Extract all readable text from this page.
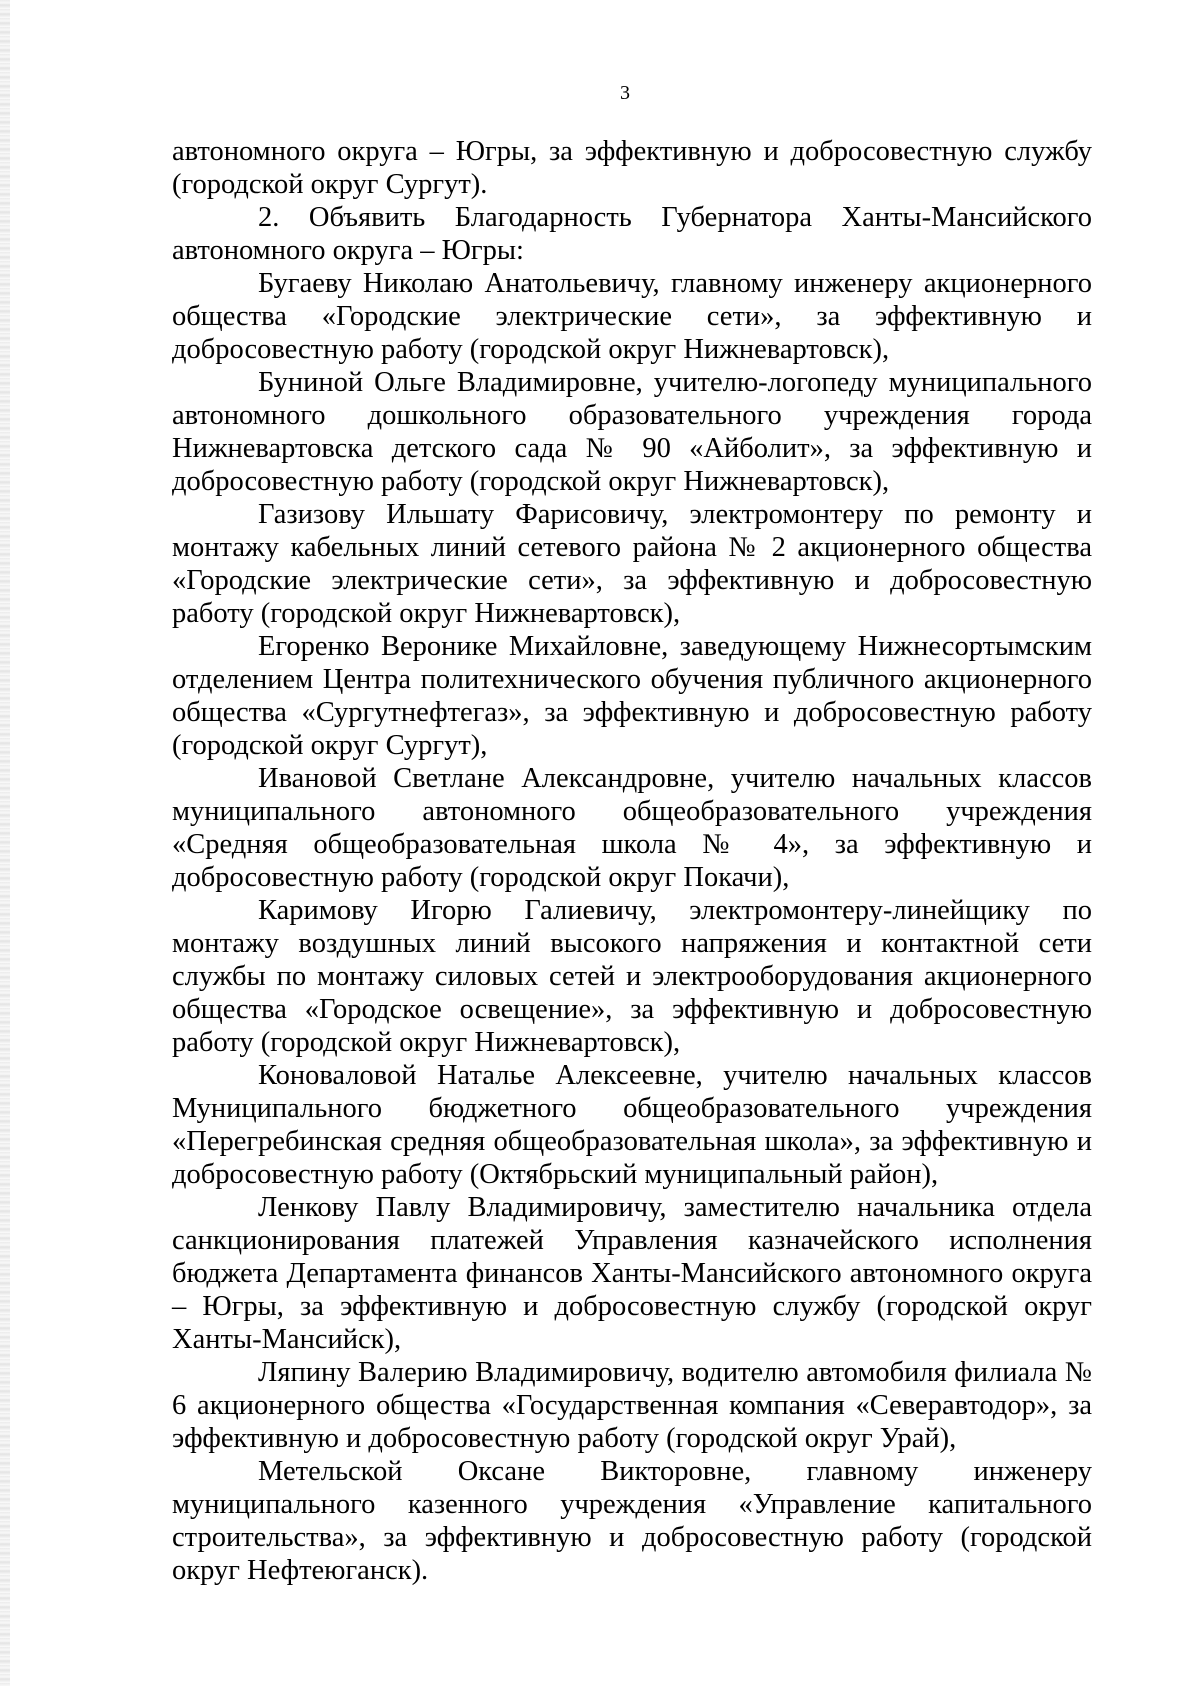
3

автономного округа – Югры, за эффективную и добросовестную службу (городской округ Сургут).

2. Объявить Благодарность Губернатора Ханты-Мансийского автономного округа – Югры:

Бугаеву Николаю Анатольевичу, главному инженеру акционерного общества «Городские электрические сети», за эффективную и добросовестную работу (городской округ Нижневартовск),

Буниной Ольге Владимировне, учителю-логопеду муниципального автономного дошкольного образовательного учреждения города Нижневартовска детского сада № 90 «Айболит», за эффективную и добросовестную работу (городской округ Нижневартовск),

Газизову Ильшату Фарисовичу, электромонтеру по ремонту и монтажу кабельных линий сетевого района № 2 акционерного общества «Городские электрические сети», за эффективную и добросовестную работу (городской округ Нижневартовск),

Егоренко Веронике Михайловне, заведующему Нижнесортымским отделением Центра политехнического обучения публичного акционерного общества «Сургутнефтегаз», за эффективную и добросовестную работу (городской округ Сургут),

Ивановой Светлане Александровне, учителю начальных классов муниципального автономного общеобразовательного учреждения «Средняя общеобразовательная школа № 4», за эффективную и добросовестную работу (городской округ Покачи),

Каримову Игорю Галиевичу, электромонтеру-линейщику по монтажу воздушных линий высокого напряжения и контактной сети службы по монтажу силовых сетей и электрооборудования акционерного общества «Городское освещение», за эффективную и добросовестную работу (городской округ Нижневартовск),

Коноваловой Наталье Алексеевне, учителю начальных классов Муниципального бюджетного общеобразовательного учреждения «Перегребинская средняя общеобразовательная школа», за эффективную и добросовестную работу (Октябрьский муниципальный район),

Ленкову Павлу Владимировичу, заместителю начальника отдела санкционирования платежей Управления казначейского исполнения бюджета Департамента финансов Ханты-Мансийского автономного округа – Югры, за эффективную и добросовестную службу (городской округ Ханты-Мансийск),

Ляпину Валерию Владимировичу, водителю автомобиля филиала № 6 акционерного общества «Государственная компания «Северавтодор», за эффективную и добросовестную работу (городской округ Урай),

Метельской Оксане Викторовне, главному инженеру муниципального казенного учреждения «Управление капитального строительства», за эффективную и добросовестную работу (городской округ Нефтеюганск).
